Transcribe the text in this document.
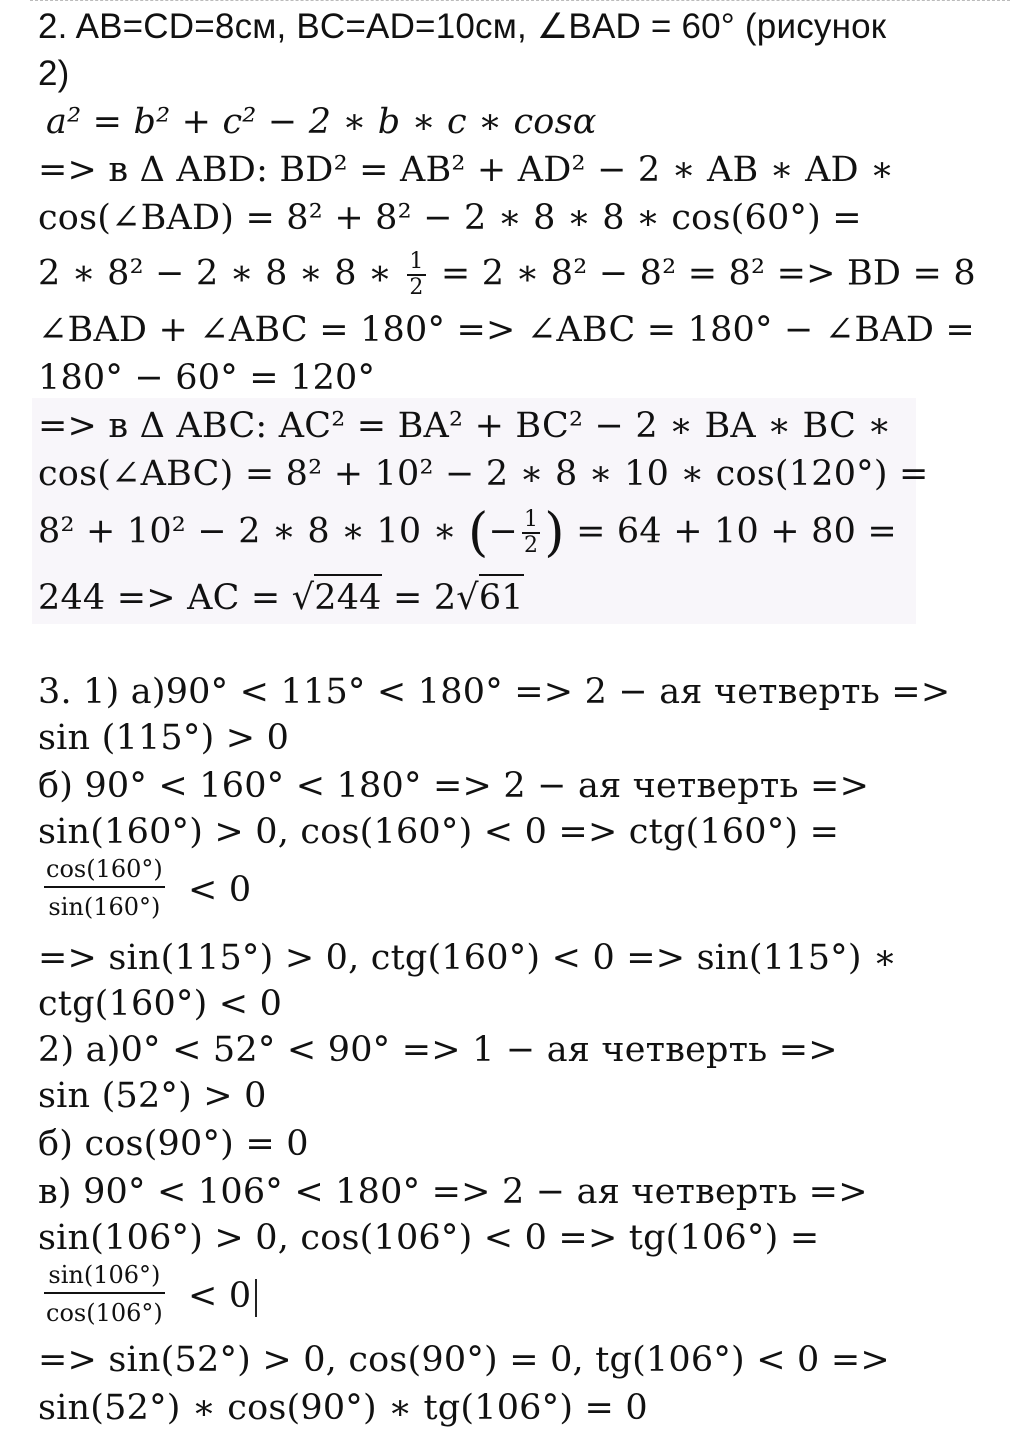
2. AB=CD=8см, BC=AD=10см, ∠BAD = 60° (рисунок
2)
a² = b² + c² − 2 ∗ b ∗ c ∗ cosα
=> в Δ ABD: BD² = AB² + AD² − 2 ∗ AB ∗ AD ∗
cos(∠BAD) = 8² + 8² − 2 ∗ 8 ∗ 8 ∗ cos(60°) =
2 ∗ 8² − 2 ∗ 8 ∗ 8 ∗ $\frac{1}{2} = 2$ ∗ 8² − 8² = 8² => BD = 8
∠BAD + ∠ABC = 180° => ∠ABC = 180° − ∠BAD =
180° − 60° = 120°
=> в Δ ABC: AC² = BA² + BC² − 2 ∗ BA ∗ BC ∗
cos(∠ABC) = 8² + 10² − 2 ∗ 8 ∗ 10 ∗ cos(120°) =
8² + 10² − 2 ∗ 8 ∗ 10 ∗ (− $\frac{1}{2}$ ) = 64 + 10 + 80 =
244 => AC = √244 = 2√61
3. 1) а)90° < 115° < 180° => 2 − ая четверть =>
sin (115°) > 0
б) 90° < 160° < 180° => 2 − ая четверть =>
sin(160°) > 0, cos(160°) < 0 => ctg(160°) =
$\frac{\cos(160^\circ)}{\sin(160^\circ)} < 0$
=> sin(115°) > 0, ctg(160°) < 0 => sin(115°) ∗
ctg(160°) < 0
2) а)0° < 52° < 90° => 1 − ая четверть =>
sin (52°) > 0
б) cos(90°) = 0
в) 90° < 106° < 180° => 2 − ая четверть =>
sin(106°) > 0, cos(106°) < 0 => tg(106°) =
$\frac{\sin(106^\circ)}{\cos(106^\circ)} < 0$
=> sin(52°) > 0, cos(90°) = 0, tg(106°) < 0 =>
sin(52°) ∗ cos(90°) ∗ tg(106°) = 0
